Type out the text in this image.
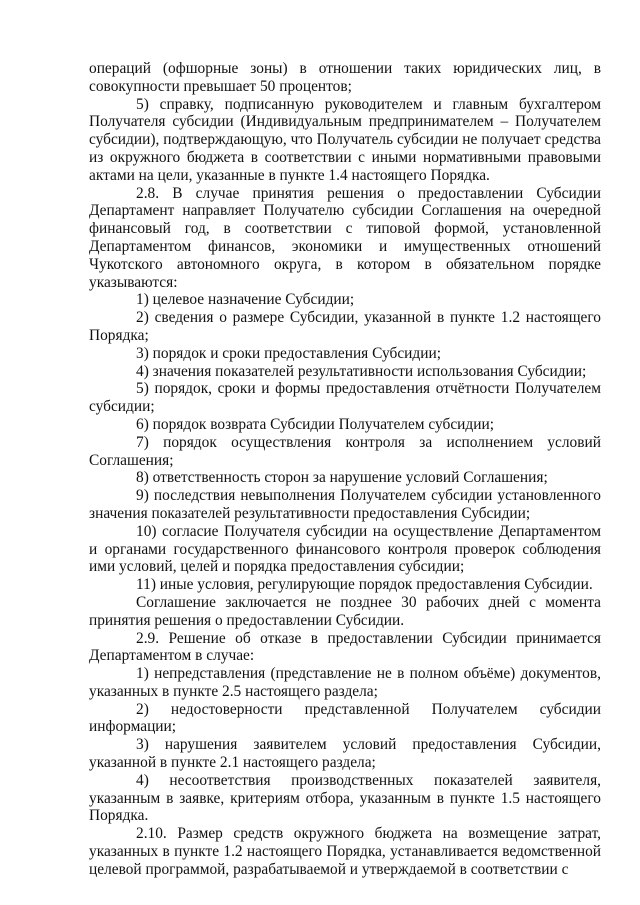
операций (офшорные зоны) в отношении таких юридических лиц, в совокупности превышает 50 процентов;

5) справку, подписанную руководителем и главным бухгалтером Получателя субсидии (Индивидуальным предпринимателем – Получателем субсидии), подтверждающую, что Получатель субсидии не получает средства из окружного бюджета в соответствии с иными нормативными правовыми актами на цели, указанные в пункте 1.4 настоящего Порядка.

2.8. В случае принятия решения о предоставлении Субсидии Департамент направляет Получателю субсидии Соглашения на очередной финансовый год, в соответствии с типовой формой, установленной Департаментом финансов, экономики и имущественных отношений Чукотского автономного округа, в котором в обязательном порядке указываются:

1) целевое назначение Субсидии;

2) сведения о размере Субсидии, указанной в пункте 1.2 настоящего Порядка;

3) порядок и сроки предоставления Субсидии;

4) значения показателей результативности использования Субсидии;

5) порядок, сроки и формы предоставления отчётности Получателем субсидии;

6) порядок возврата Субсидии Получателем субсидии;

7) порядок осуществления контроля за исполнением условий Соглашения;

8) ответственность сторон за нарушение условий Соглашения;

9) последствия невыполнения Получателем субсидии установленного значения показателей результативности предоставления Субсидии;

10) согласие Получателя субсидии на осуществление Департаментом и органами государственного финансового контроля проверок соблюдения ими условий, целей и порядка предоставления субсидии;

11) иные условия, регулирующие порядок предоставления Субсидии.

Соглашение заключается не позднее 30 рабочих дней с момента принятия решения о предоставлении Субсидии.

2.9. Решение об отказе в предоставлении Субсидии принимается Департаментом в случае:

1) непредставления (представление не в полном объёме) документов, указанных в пункте 2.5 настоящего раздела;

2) недостоверности представленной Получателем субсидии информации;

3) нарушения заявителем условий предоставления Субсидии, указанной в пункте 2.1 настоящего раздела;

4) несоответствия производственных показателей заявителя, указанным в заявке, критериям отбора, указанным в пункте 1.5 настоящего Порядка.

2.10. Размер средств окружного бюджета на возмещение затрат, указанных в пункте 1.2 настоящего Порядка, устанавливается ведомственной целевой программой, разрабатываемой и утверждаемой в соответствии с
